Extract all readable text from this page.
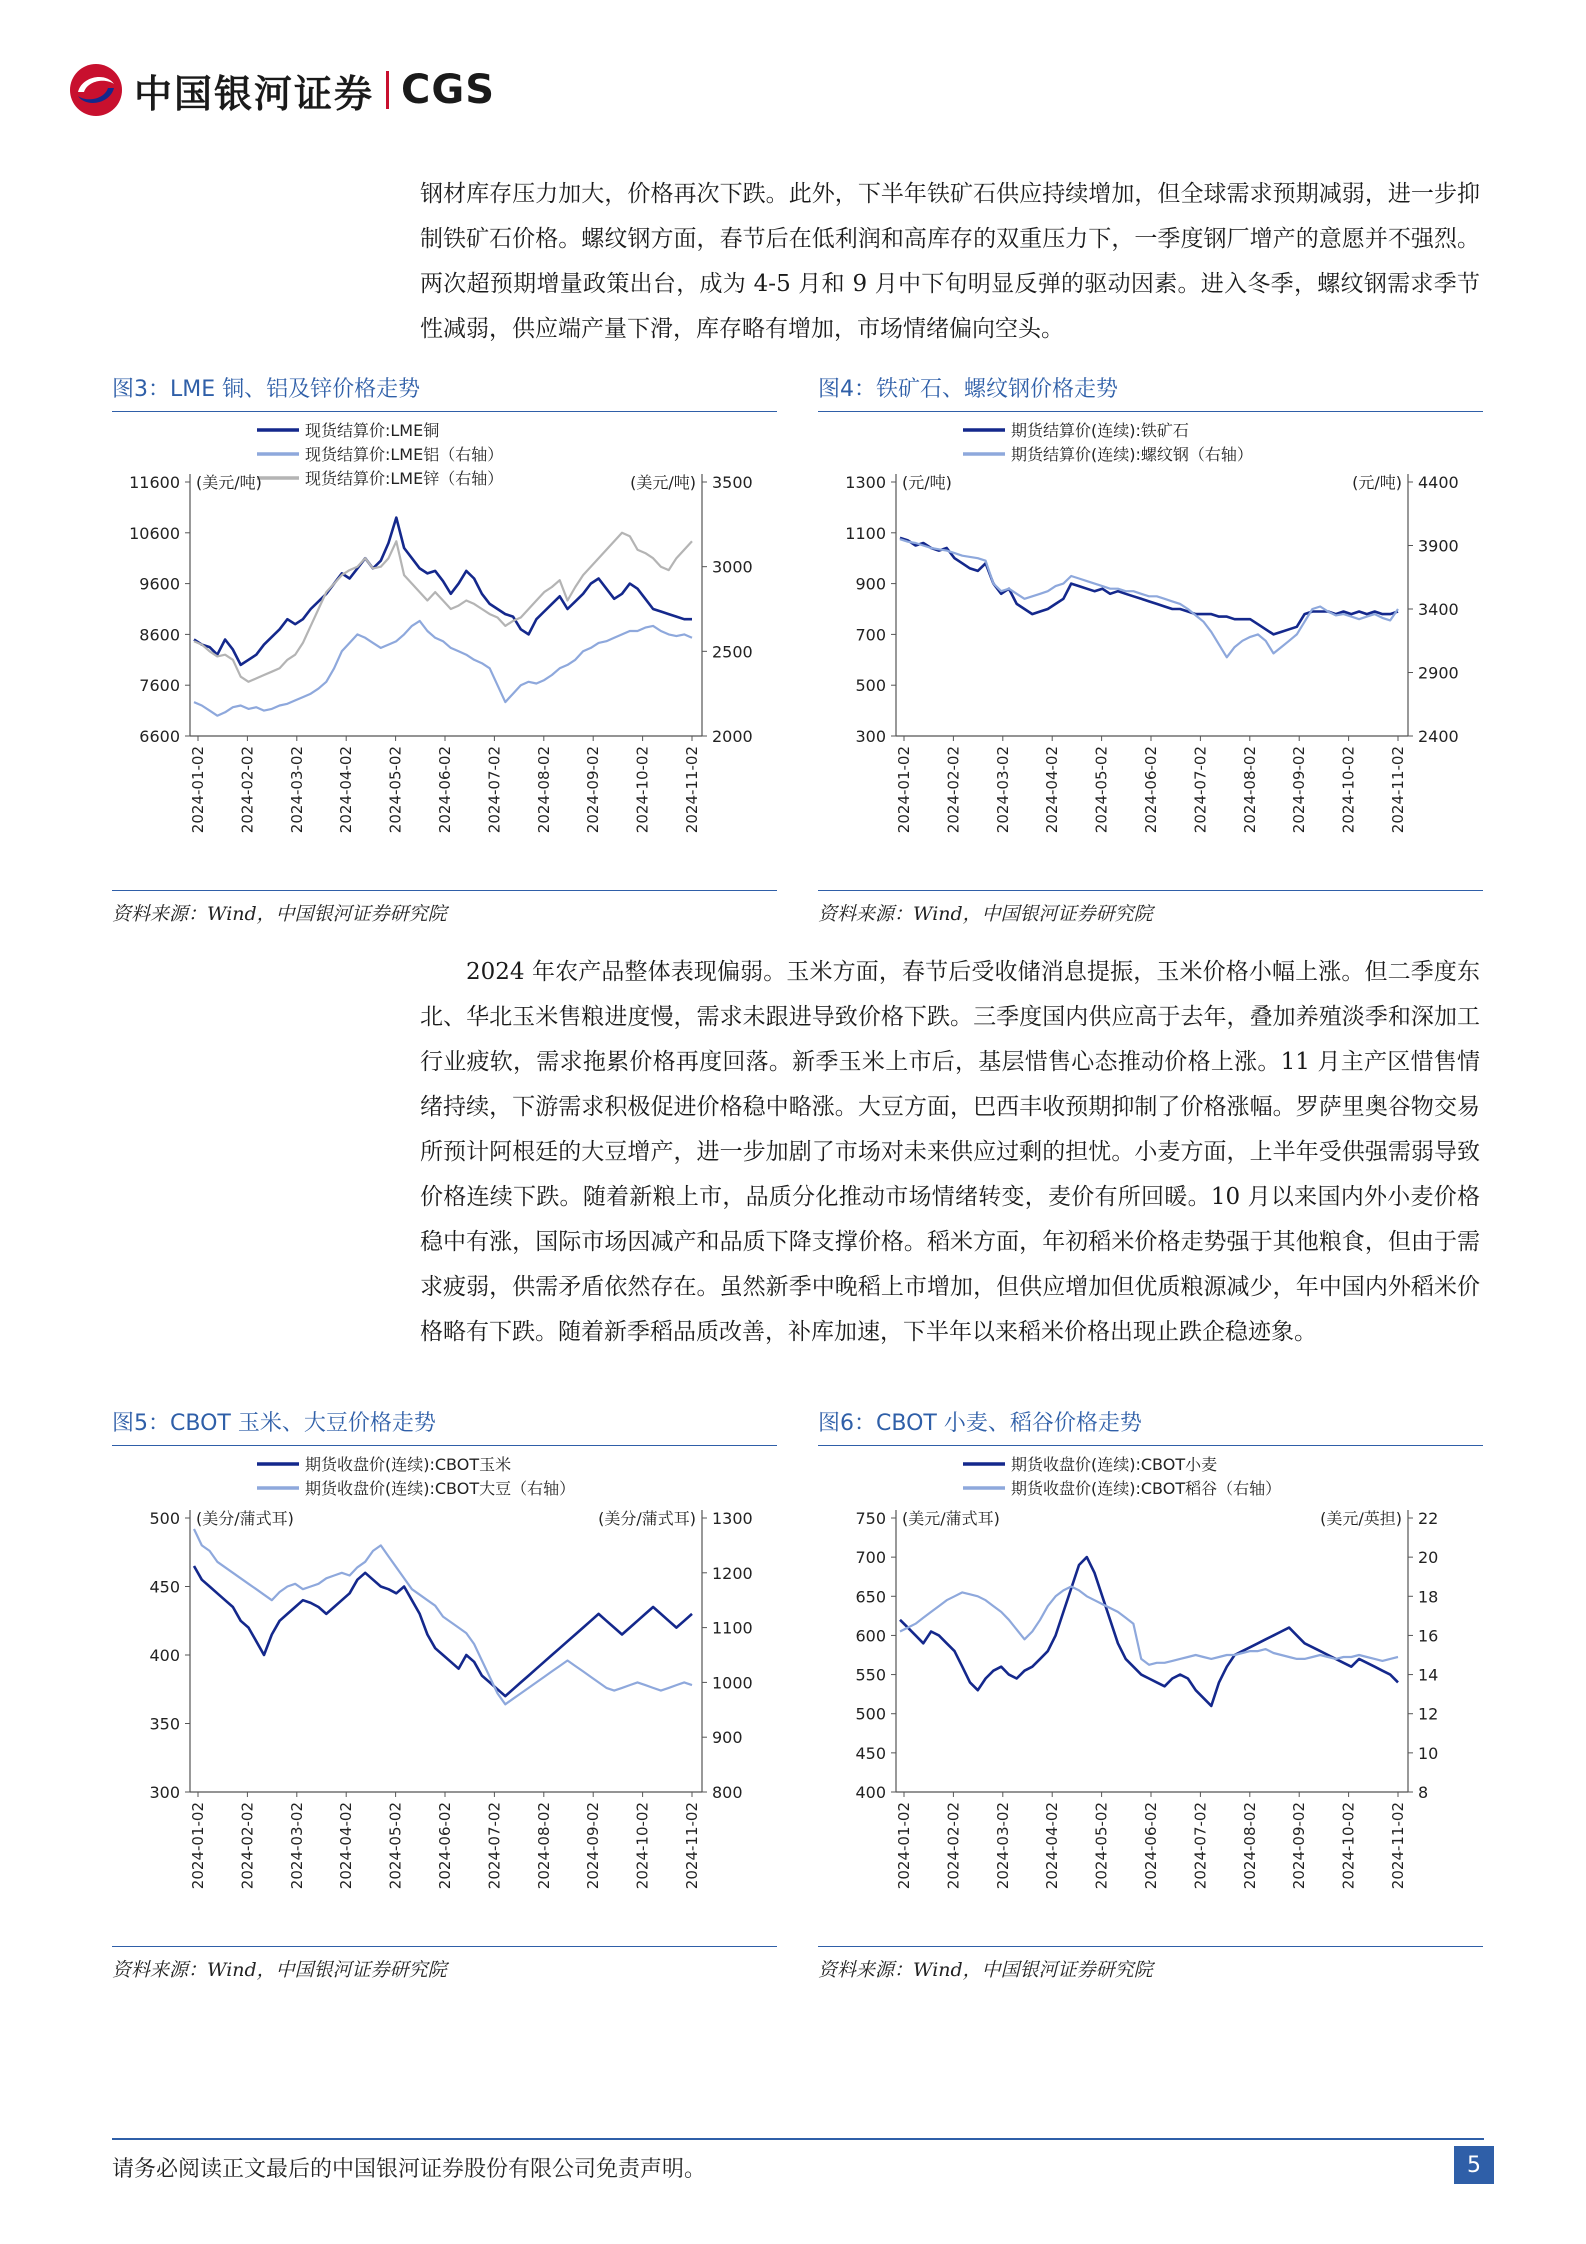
中国银河证券 CGS

钢材库存压力加大，价格再次下跌。此外，下半年铁矿石供应持续增加，但全球需求预期减弱，进一步抑制铁矿石价格。螺纹钢方面，春节后在低利润和高库存的双重压力下，一季度钢厂增产的意愿并不强烈。两次超预期增量政策出台，成为 4-5 月和 9 月中下旬明显反弹的驱动因素。进入冬季，螺纹钢需求季节性减弱，供应端产量下滑，库存略有增加，市场情绪偏向空头。

图3：LME 铜、铝及锌价格走势
现货结算价:LME铜
现货结算价:LME铝（右轴）
现货结算价:LME锌（右轴）
(美元/吨)	(美元/吨)
11600
10600
9600
8600
7600
6600
3500
3000
2500
2000
2024-01-02 2024-02-02 2024-03-02 2024-04-02 2024-05-02 2024-06-02 2024-07-02 2024-08-02 2024-09-02 2024-10-02 2024-11-02
资料来源：Wind，中国银河证券研究院
图4：铁矿石、螺纹钢价格走势
期货结算价(连续):铁矿石
期货结算价(连续):螺纹钢（右轴）
(元/吨)	(元/吨)
1300
1100
900
700
500
300
4400
3900
3400
2900
2400
2024-01-02 2024-02-02 2024-03-02 2024-04-02 2024-05-02 2024-06-02 2024-07-02 2024-08-02 2024-09-02 2024-10-02 2024-11-02
资料来源：Wind，中国银河证券研究院

2024 年农产品整体表现偏弱。玉米方面，春节后受收储消息提振，玉米价格小幅上涨。但二季度东北、华北玉米售粮进度慢，需求未跟进导致价格下跌。三季度国内供应高于去年，叠加养殖淡季和深加工行业疲软，需求拖累价格再度回落。新季玉米上市后，基层惜售心态推动价格上涨。11 月主产区惜售情绪持续，下游需求积极促进价格稳中略涨。大豆方面，巴西丰收预期抑制了价格涨幅。罗萨里奥谷物交易所预计阿根廷的大豆增产，进一步加剧了市场对未来供应过剩的担忧。小麦方面，上半年受供强需弱导致价格连续下跌。随着新粮上市，品质分化推动市场情绪转变，麦价有所回暖。10 月以来国内外小麦价格稳中有涨，国际市场因减产和品质下降支撑价格。稻米方面，年初稻米价格走势强于其他粮食，但由于需求疲弱，供需矛盾依然存在。虽然新季中晚稻上市增加，但供应增加但优质粮源减少，年中国内外稻米价格略有下跌。随着新季稻品质改善，补库加速，下半年以来稻米价格出现止跌企稳迹象。

图5：CBOT 玉米、大豆价格走势
期货收盘价(连续):CBOT玉米
期货收盘价(连续):CBOT大豆（右轴）
(美分/蒲式耳)	(美分/蒲式耳)
500
450
400
350
300
1300
1200
1100
1000
900
800
2024-01-02 2024-02-02 2024-03-02 2024-04-02 2024-05-02 2024-06-02 2024-07-02 2024-08-02 2024-09-02 2024-10-02 2024-11-02
资料来源：Wind，中国银河证券研究院
图6：CBOT 小麦、稻谷价格走势
期货收盘价(连续):CBOT小麦
期货收盘价(连续):CBOT稻谷（右轴）
(美元/蒲式耳)	(美元/英担)
750
700
650
600
550
500
450
400
22
20
18
16
14
12
10
8
2024-01-02 2024-02-02 2024-03-02 2024-04-02 2024-05-02 2024-06-02 2024-07-02 2024-08-02 2024-09-02 2024-10-02 2024-11-02
资料来源：Wind，中国银河证券研究院
请务必阅读正文最后的中国银河证券股份有限公司免责声明。	5
